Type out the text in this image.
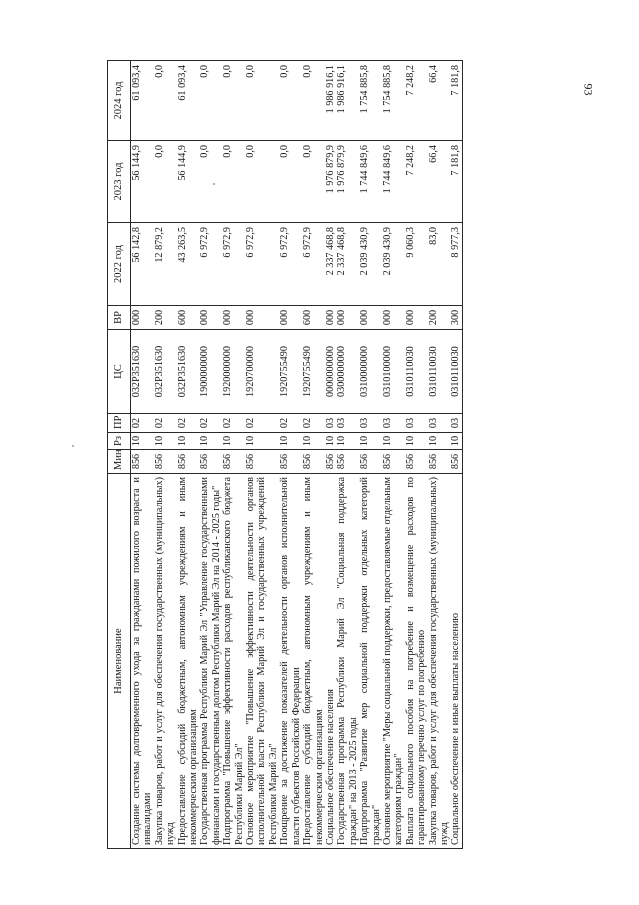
93
Наименование	Мин	Рз	ПР	ЦС	ВР	2022 год	2023 год	2024 год
Создание системы долговременного ухода за гражданами пожилого возраста и инвалидами	856	10	02	032P351630	000	56 142,8	56 144,9	61 093,4
Закупка товаров, работ и услуг для обеспечения государственных (муниципальных) нужд	856	10	02	032P351630	200	12 879,2	0,0	0,0
Предоставление субсидий бюджетным, автономным учреждениям и иным некоммерческим организациям	856	10	02	032P351630	600	43 263,5	56 144,9	61 093,4
Государственная программа Республики Марий Эл "Управление государственными финансами и государственным долгом Республики Марий Эл на 2014 - 2025 годы"	856	10	02	1900000000	000	6 972,9	0,0	0,0
Подпрограмма "Повышение эффективности расходов республиканского бюджета Республики Марий Эл"	856	10	02	1920000000	000	6 972,9	0,0	0,0
Основное мероприятие "Повышение эффективности деятельности органов исполнительной власти Республики Марий Эл и государственных учреждений Республики Марий Эл"	856	10	02	1920700000	000	6 972,9	0,0	0,0
Поощрение за достижение показателей деятельности органов исполнительной власти субъектов Российской Федерации	856	10	02	1920755490	000	6 972,9	0,0	0,0
Предоставление субсидий бюджетным, автономным учреждениям и иным некоммерческим организациям	856	10	02	1920755490	600	6 972,9	0,0	0,0
Социальное обеспечение населения	856	10	03	0000000000	000	2 337 468,8	1 976 879,9	1 986 916,1
Государственная программа Республики Марий Эл "Социальная поддержка граждан" на 2013 - 2025 годы	856	10	03	0300000000	000	2 337 468,8	1 976 879,9	1 986 916,1
Подпрограмма "Развитие мер социальной поддержки отдельных категорий граждан"	856	10	03	0310000000	000	2 039 430,9	1 744 849,6	1 754 885,8
Основное мероприятие "Меры социальной поддержки, предоставляемые отдельным категориям граждан"	856	10	03	0310100000	000	2 039 430,9	1 744 849,6	1 754 885,8
Выплата социального пособия на погребение и возмещение расходов по гарантированному перечню услуг по погребению	856	10	03	0310110030	000	9 060,3	7 248,2	7 248,2
Закупка товаров, работ и услуг для обеспечения государственных (муниципальных) нужд	856	10	03	0310110030	200	83,0	66,4	66,4
Социальное обеспечение и иные выплаты населению	856	10	03	0310110030	300	8 977,3	7 181,8	7 181,8
